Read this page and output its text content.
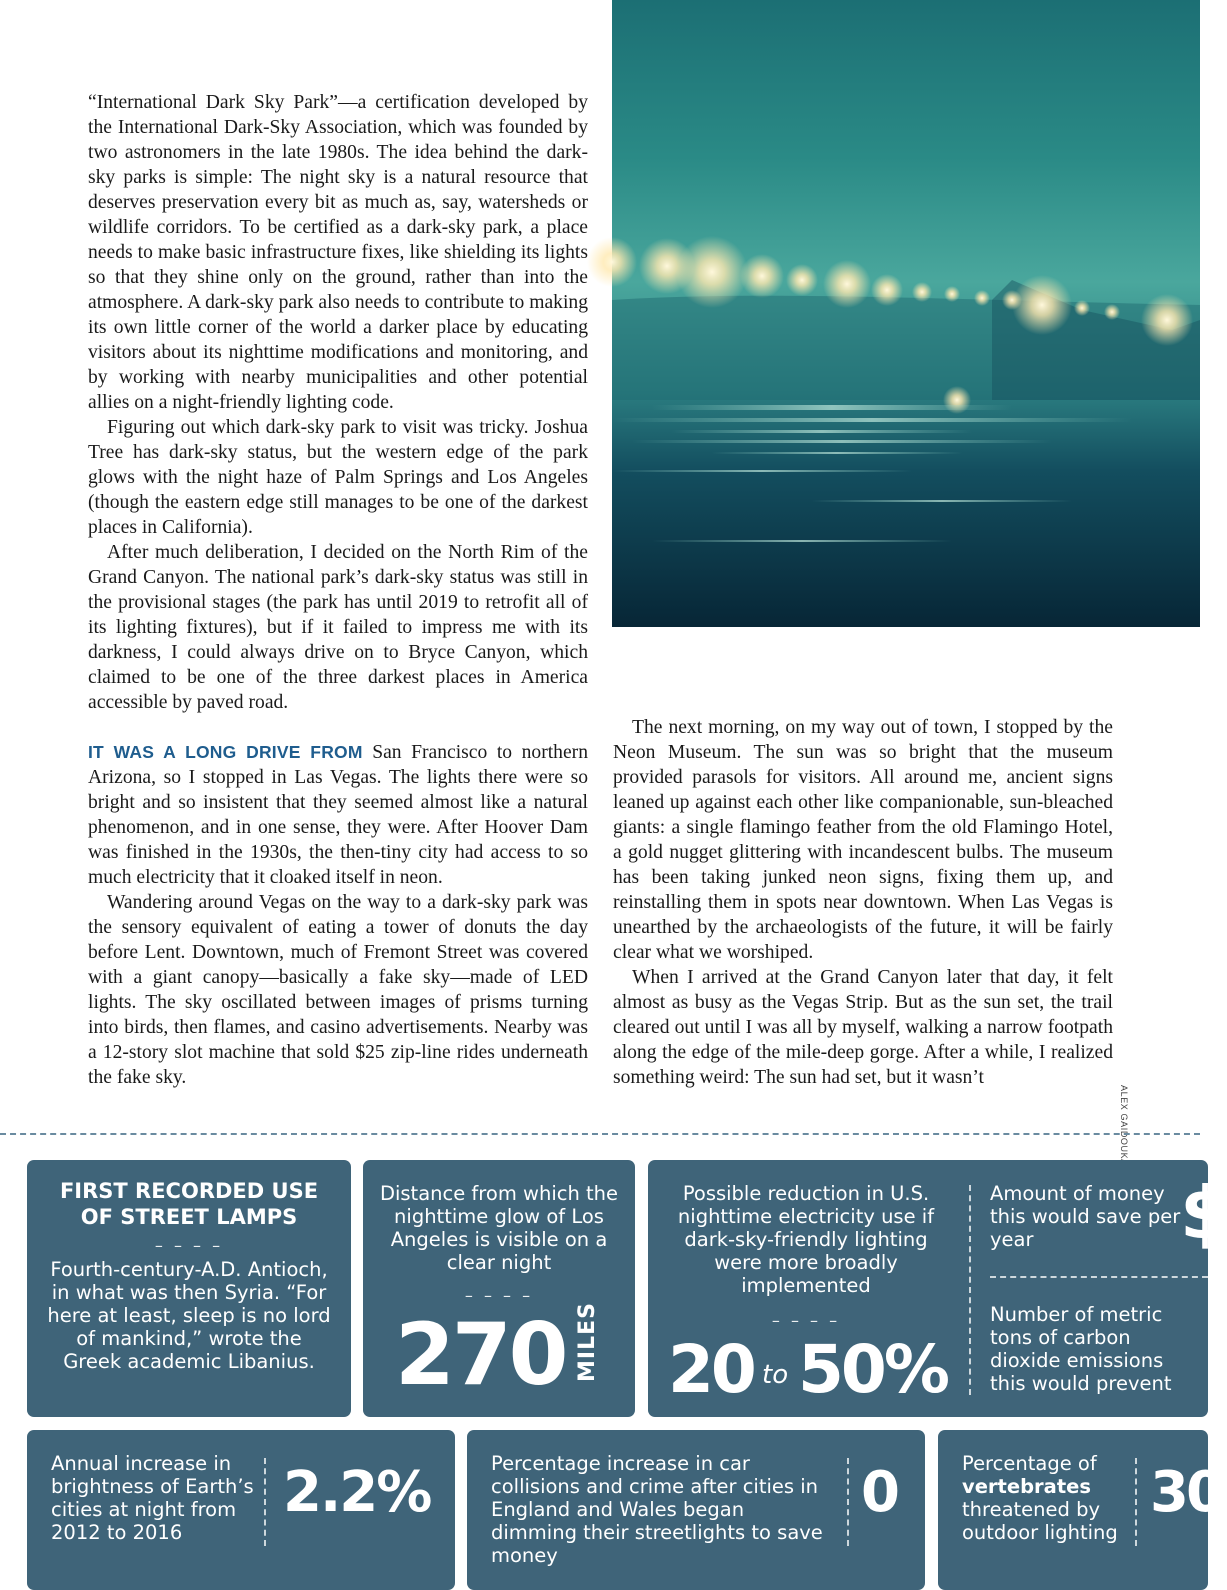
“International Dark Sky Park”—a certification developed by the International Dark-Sky Association, which was founded by two astronomers in the late 1980s. The idea behind the dark-sky parks is simple: The night sky is a natural resource that deserves preservation every bit as much as, say, watersheds or wildlife corridors. To be certified as a dark-sky park, a place needs to make basic infrastructure fixes, like shielding its lights so that they shine only on the ground, rather than into the atmosphere. A dark-sky park also needs to contribute to making its own little corner of the world a darker place by educating visitors about its nighttime modifications and monitoring, and by working with nearby municipalities and other potential allies on a night-friendly lighting code.

Figuring out which dark-sky park to visit was tricky. Joshua Tree has dark-sky status, but the western edge of the park glows with the night haze of Palm Springs and Los Angeles (though the eastern edge still manages to be one of the darkest places in California).

After much deliberation, I decided on the North Rim of the Grand Canyon. The national park’s dark-sky status was still in the provisional stages (the park has until 2019 to retrofit all of its lighting fixtures), but if it failed to impress me with its darkness, I could always drive on to Bryce Canyon, which claimed to be one of the three darkest places in America accessible by paved road.

IT WAS A LONG DRIVE FROM San Francisco to northern Arizona, so I stopped in Las Vegas. The lights there were so bright and so insistent that they seemed almost like a natural phenomenon, and in one sense, they were. After Hoover Dam was finished in the 1930s, the then-tiny city had access to so much electricity that it cloaked itself in neon.

Wandering around Vegas on the way to a dark-sky park was the sensory equivalent of eating a tower of donuts the day before Lent. Downtown, much of Fremont Street was covered with a giant canopy—basically a fake sky—made of LED lights. The sky oscillated between images of prisms turning into birds, then flames, and casino advertisements. Nearby was a 12-story slot machine that sold $25 zip-line rides underneath the fake sky.

The next morning, on my way out of town, I stopped by the Neon Museum. The sun was so bright that the museum provided parasols for visitors. All around me, ancient signs leaned up against each other like companionable, sun-bleached giants: a single flamingo feather from the old Flamingo Hotel, a gold nugget glittering with incandescent bulbs. The museum has been taking junked neon signs, fixing them up, and reinstalling them in spots near downtown. When Las Vegas is unearthed by the archaeologists of the future, it will be fairly clear what we worshiped.

When I arrived at the Grand Canyon later that day, it felt almost as busy as the Vegas Strip. But as the sun set, the trail cleared out until I was all by myself, walking a narrow footpath along the edge of the mile-deep gorge. After a while, I realized something weird: The sun had set, but it wasn’t

FIRST RECORDED USE OF STREET LAMPS
– – – –
Fourth-century-A.D. Antioch, in what was then Syria. “For here at least, sleep is no lord of mankind,” wrote the Greek academic Libanius.
Distance from which the nighttime glow of Los Angeles is visible on a clear night
– – – –
270 MILES
Possible reduction in U.S. nighttime electricity use if dark-sky-friendly lighting were more broadly implemented
– – – –
20 to 50%
Amount of money this would save per year
Number of metric tons of carbon dioxide emissions this would prevent
$
Annual increase in brightness of Earth’s cities at night from 2012 to 2016
2.2%	Percentage increase in car collisions and crime after cities in England and Wales began dimming their streetlights to save money
0	Percentage of
vertebrates
threatened by outdoor lighting
30
